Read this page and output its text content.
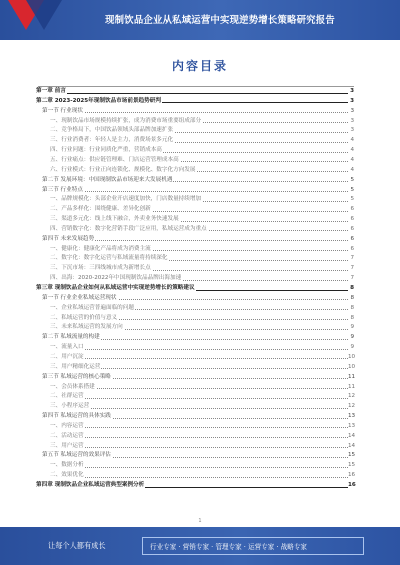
现制饮品企业从私域运营中实现逆势增长策略研究报告
内容目录
第一章 前言	3
第二章 2023-2025年现制饮品市场前景趋势研判	3
第一节 行业现状	3
一、现制饮品市场规模持续扩张，成为消费市场重要组成部分	3
二、竞争格局下，中国饮品领域头部品牌加速扩张	3
三、行业消费者：年轻人是主力，消费场景多元化	4
四、行业问题：行业同质化严重，营销成本高	4
五、行业痛点：供应链管理难、门店运营管理成本高	4
六、行业模式：行业正向连锁化、规模化、数字化方向发展	4
第二节 发展环境：中国现制饮品市场迎来大发展机遇	5
第三节 行业特点	5
一、品牌规模化：头部企业开店速度加快，门店数量持续增加	5
二、产品多样化：围绕健康、差异化创新	6
三、渠道多元化：线上线下融合，外卖业务快速发展	6
四、营销数字化：数字化营销手段广泛应用，私域运营成为重点	6
第四节 未来发展趋势	6
一、健康化：健康化产品将成为消费主流	6
二、数字化：数字化运营与私域流量将持续深化	7
三、下沉市场：三四线城市成为新增长点	7
四、出海：2020-2022年中国现制饮品品牌出海加速	7
第三章 现制饮品企业如何从私域运营中实现逆势增长的策略建议	8
第一节 行业企业私域运营现状	8
一、企业私域运营普遍面临的问题	8
二、私域运营的价值与意义	8
三、未来私域运营的发展方向	9
第二节 私域流量的构建	9
一、流量入口	9
二、用户沉淀	10
三、用户精细化运营	10
第三节 私域运营的核心策略	11
一、会员体系搭建	11
二、社群运营	12
三、小程序运营	12
第四节 私域运营的具体实践	13
一、内容运营	13
二、活动运营	14
三、用户运营	14
第五节 私域运营的效果评估	15
一、数据分析	15
二、效果优化	16
第四章 现制饮品企业私域运营典型案例分析	16
1
让每个人都有成长	行业专家 · 营销专家 · 管理专家 · 运营专家 · 战略专家
